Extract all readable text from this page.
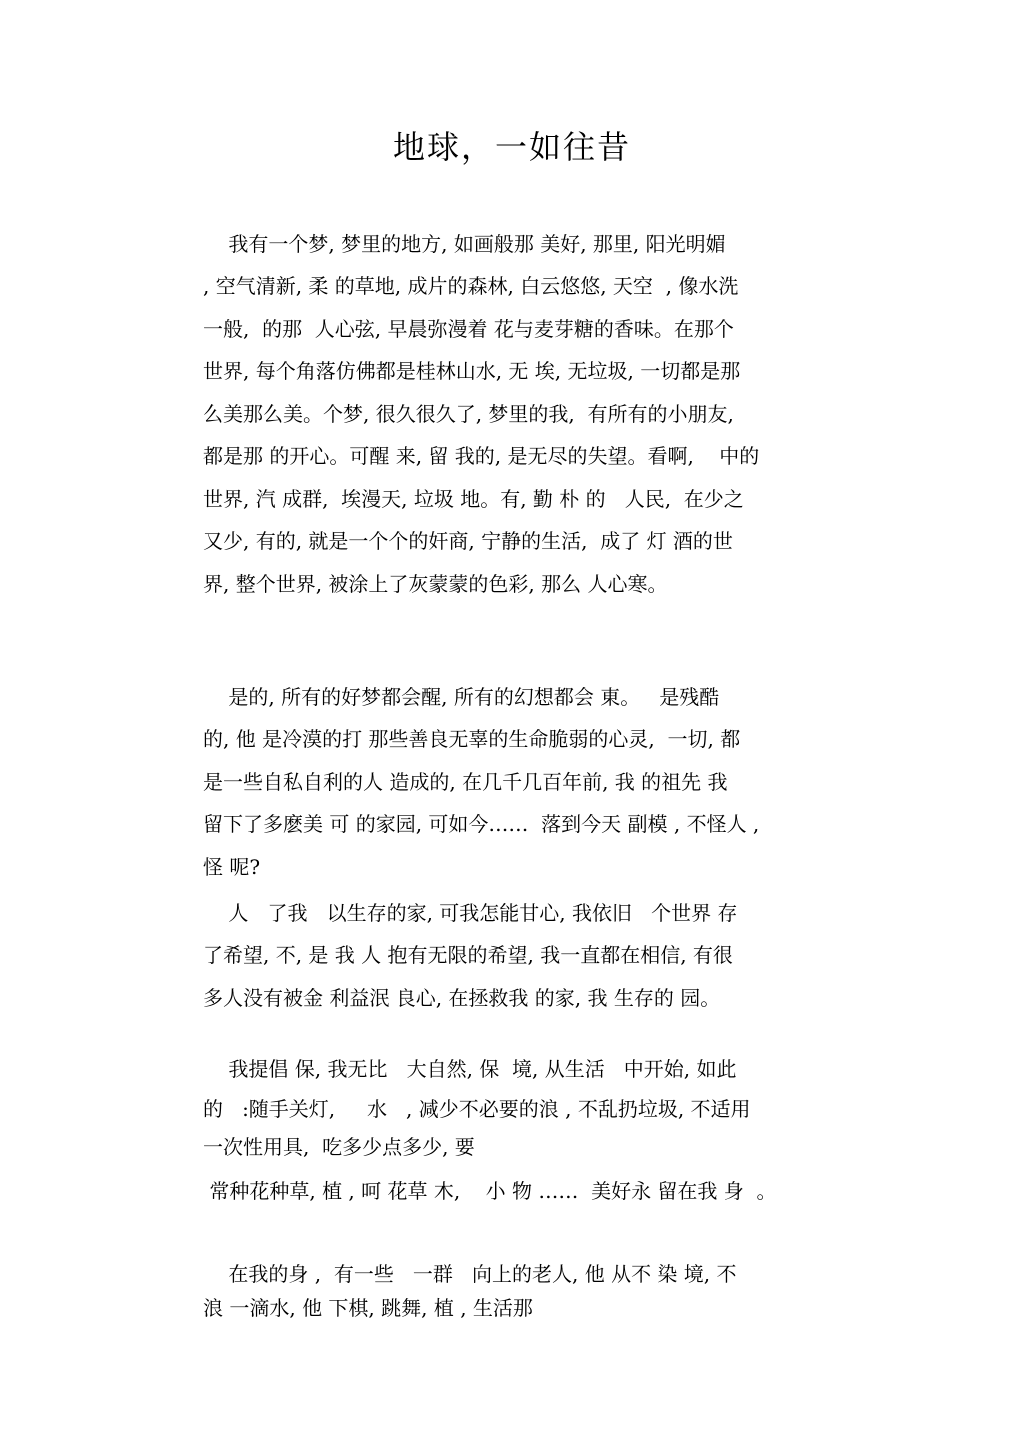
地球，一如往昔

我有一个梦, 梦里的地方, 如画般那 美好, 那里, 阳光明媚

, 空气清新, 柔 的草地, 成片的森林, 白云悠悠, 天空  , 像水洗

一般,  的那  人心弦, 早晨弥漫着 花与麦芽糖的香味。在那个

世界, 每个角落仿佛都是桂林山水, 无 埃, 无垃圾, 一切都是那

么美那么美。个梦, 很久很久了, 梦里的我,  有所有的小朋友,

都是那 的开心。可醒 来, 留 我的, 是无尽的失望。看啊,    中的

世界, 汽 成群,  埃漫天, 垃圾 地。有, 勤 朴 的   人民,  在少之

又少, 有的, 就是一个个的奸商, 宁静的生活,  成了 灯 酒的世

界, 整个世界, 被涂上了灰蒙蒙的色彩, 那么 人心寒。

是的, 所有的好梦都会醒, 所有的幻想都会 東。   是残酷

的, 他 是冷漠的打 那些善良无辜的生命脆弱的心灵,  一切, 都

是一些自私自利的人 造成的, 在几千几百年前, 我 的祖先 我

留下了多麽美 可 的家园, 可如今……  落到今天 副模 , 不怪人 ,

怪 呢?

人   了我   以生存的家, 可我怎能甘心, 我依旧   个世界 存

了希望, 不, 是 我 人 抱有无限的希望, 我一直都在相信, 有很

多人没有被金 利益泯 良心, 在拯救我 的家, 我 生存的 园。

我提倡 保, 我无比   大自然, 保  境, 从生活   中开始, 如此

的   :随手关灯,     水   , 减少不必要的浪 , 不乱扔垃圾, 不适用

一次性用具,  吃多少点多少, 要

常种花种草, 植 , 呵 花草 木,    小 物 ……  美好永 留在我 身  。

在我的身 ,  有一些   一群   向上的老人, 他 从不 染 境, 不

浪 一滴水, 他 下棋, 跳舞, 植 , 生活那
